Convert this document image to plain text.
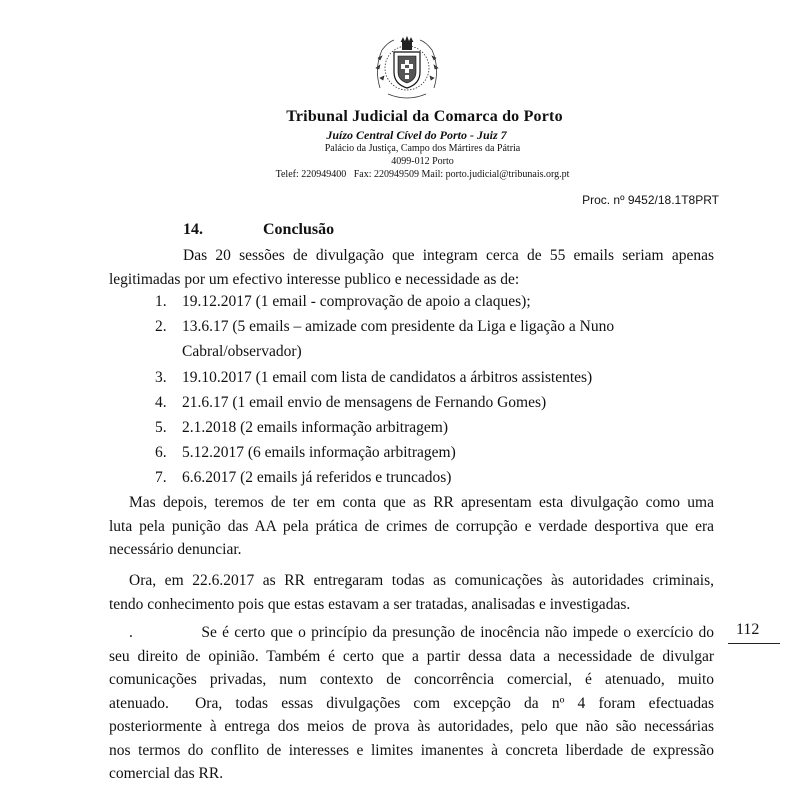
Tribunal Judicial da Comarca do Porto
Juízo Central Cível do Porto - Juiz 7
Palácio da Justiça, Campo dos Mártires da Pátria
4099-012 Porto
Telef: 220949400   Fax: 220949509 Mail: porto.judicial@tribunais.org.pt
Proc. nº 9452/18.1T8PRT
14.	Conclusão
Das 20 sessões de divulgação que integram cerca de 55 emails seriam apenas
legitimadas por um efectivo interesse publico e necessidade as de:
1. 19.12.2017 (1 email - comprovação de apoio a claques);
2. 13.6.17 (5 emails – amizade com presidente da Liga e ligação a Nuno
Cabral/observador)
3. 19.10.2017 (1 email com lista de candidatos a árbitros assistentes)
4. 21.6.17 (1 email envio de mensagens de Fernando Gomes)
5. 2.1.2018 (2 emails informação arbitragem)
6. 5.12.2017 (6 emails informação arbitragem)
7. 6.6.2017 (2 emails já referidos e truncados)
Mas depois, teremos de ter em conta que as RR apresentam esta divulgação como uma
luta pela punição das AA pela prática de crimes de corrupção e verdade desportiva que era
necessário denunciar.
Ora, em 22.6.2017 as RR entregaram todas as comunicações às autoridades criminais,
tendo conhecimento pois que estas estavam a ser tratadas, analisadas e investigadas.
.             Se é certo que o princípio da presunção de inocência não impede o exercício do
seu direito de opinião. Também é certo que a partir dessa data a necessidade de divulgar
comunicações privadas, num contexto de concorrência comercial, é atenuado, muito
atenuado.  Ora, todas essas divulgações com excepção da nº 4 foram efectuadas
posteriormente à entrega dos meios de prova às autoridades, pelo que não são necessárias
nos termos do conflito de interesses e limites imanentes à concreta liberdade de expressão
comercial das RR.
112
